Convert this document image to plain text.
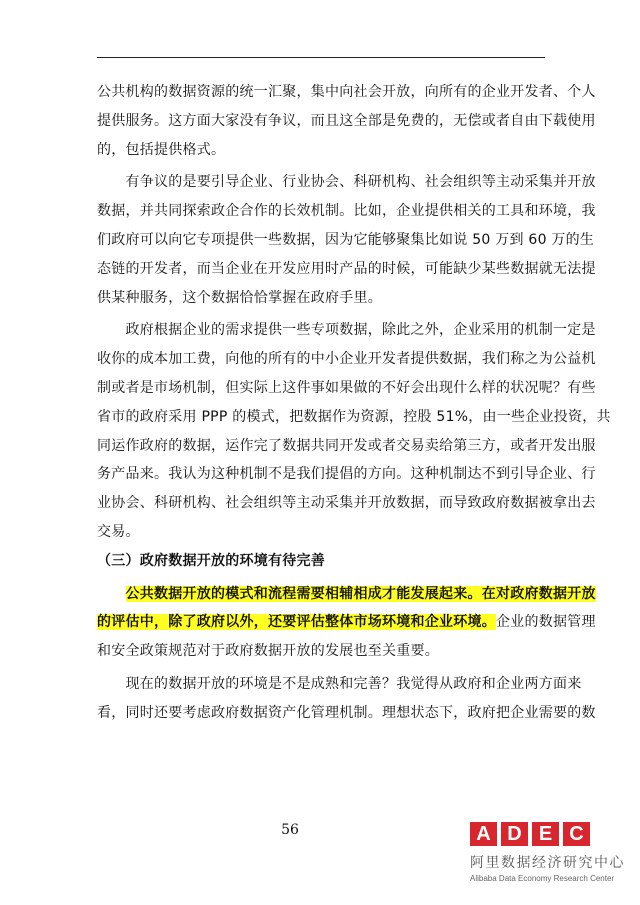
公共机构的数据资源的统一汇聚，集中向社会开放，向所有的企业开发者、个人
提供服务。这方面大家没有争议，而且这全部是免费的，无偿或者自由下载使用
的，包括提供格式。
　　有争议的是要引导企业、行业协会、科研机构、社会组织等主动采集并开放
数据，并共同探索政企合作的长效机制。比如，企业提供相关的工具和环境，我
们政府可以向它专项提供一些数据，因为它能够聚集比如说 50 万到 60 万的生
态链的开发者，而当企业在开发应用时产品的时候，可能缺少某些数据就无法提
供某种服务，这个数据恰恰掌握在政府手里。
　　政府根据企业的需求提供一些专项数据，除此之外，企业采用的机制一定是
收你的成本加工费，向他的所有的中小企业开发者提供数据，我们称之为公益机
制或者是市场机制，但实际上这件事如果做的不好会出现什么样的状况呢？有些
省市的政府采用 PPP 的模式，把数据作为资源，控股 51%，由一些企业投资，共
同运作政府的数据，运作完了数据共同开发或者交易卖给第三方，或者开发出服
务产品来。我认为这种机制不是我们提倡的方向。这种机制达不到引导企业、行
业协会、科研机构、社会组织等主动采集并开放数据，而导致政府数据被拿出去
交易。
（三）政府数据开放的环境有待完善
　　公共数据开放的模式和流程需要相辅相成才能发展起来。在对政府数据开放
的评估中，除了政府以外，还要评估整体市场环境和企业环境。企业的数据管理
和安全政策规范对于政府数据开放的发展也至关重要。
　　现在的数据开放的环境是不是成熟和完善？我觉得从政府和企业两方面来
看，同时还要考虑政府数据资产化管理机制。理想状态下，政府把企业需要的数
56	A D E C
阿里数据经济研究中心
Alibaba Data Economy Research Center
